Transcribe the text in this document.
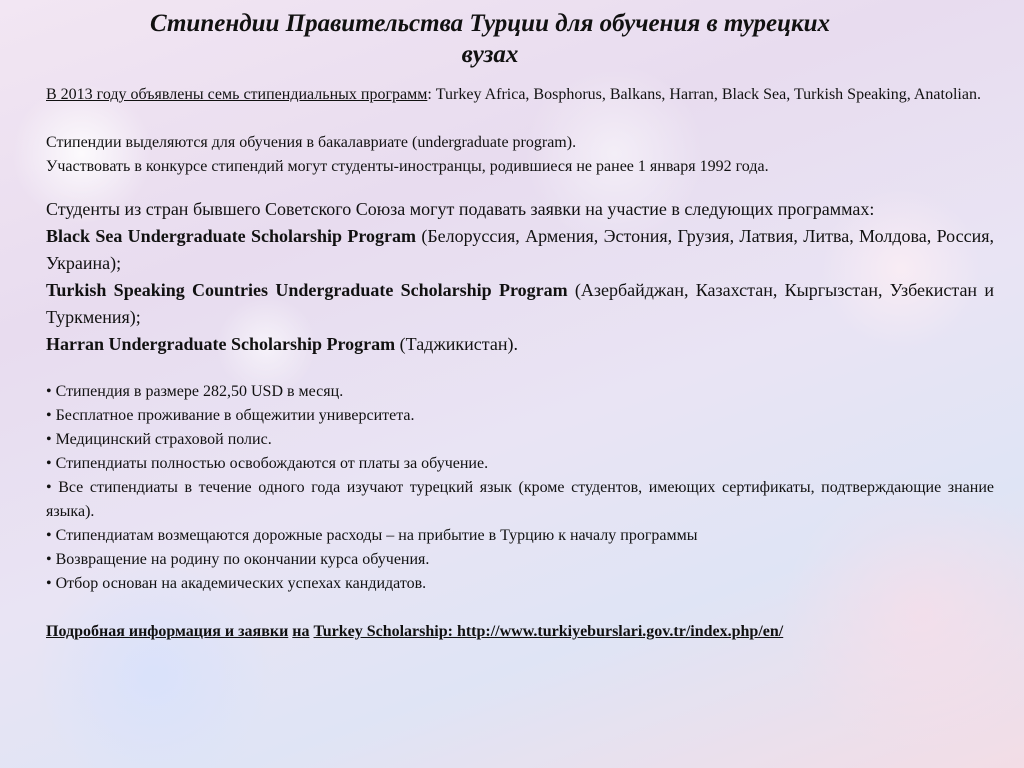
Стипендии Правительства Турции для обучения в турецких вузах

В 2013 году объявлены семь стипендиальных программ: Turkey Africa, Bosphorus, Balkans, Harran, Black Sea, Turkish Speaking, Anatolian.

Стипендии выделяются для обучения в бакалавриате (undergraduate program).

Участвовать в конкурсе стипендий могут студенты-иностранцы, родившиеся не ранее 1 января 1992 года.

Студенты из стран бывшего Советского Союза могут подавать заявки на участие в следующих программах:

Black Sea Undergraduate Scholarship Program (Белоруссия, Армения, Эстония, Грузия, Латвия, Литва, Молдова, Россия, Украина);

Turkish Speaking Countries Undergraduate Scholarship Program (Азербайджан, Казахстан, Кыргызстан, Узбекистан и Туркмения);

Harran Undergraduate Scholarship Program (Таджикистан).

• Стипендия в размере 282,50 USD в месяц.

• Бесплатное проживание в общежитии университета.

• Медицинский страховой полис.

• Стипендиаты полностью освобождаются от платы за обучение.

• Все стипендиаты в течение одного года изучают турецкий язык (кроме студентов, имеющих сертификаты, подтверждающие знание языка).

• Стипендиатам возмещаются дорожные расходы – на прибытие в Турцию к началу программы

• Возвращение на родину по окончании курса обучения.

• Отбор основан на академических успехах кандидатов.

Подробная информация и заявки на Turkey Scholarship: http://www.turkiyeburslari.gov.tr/index.php/en/
